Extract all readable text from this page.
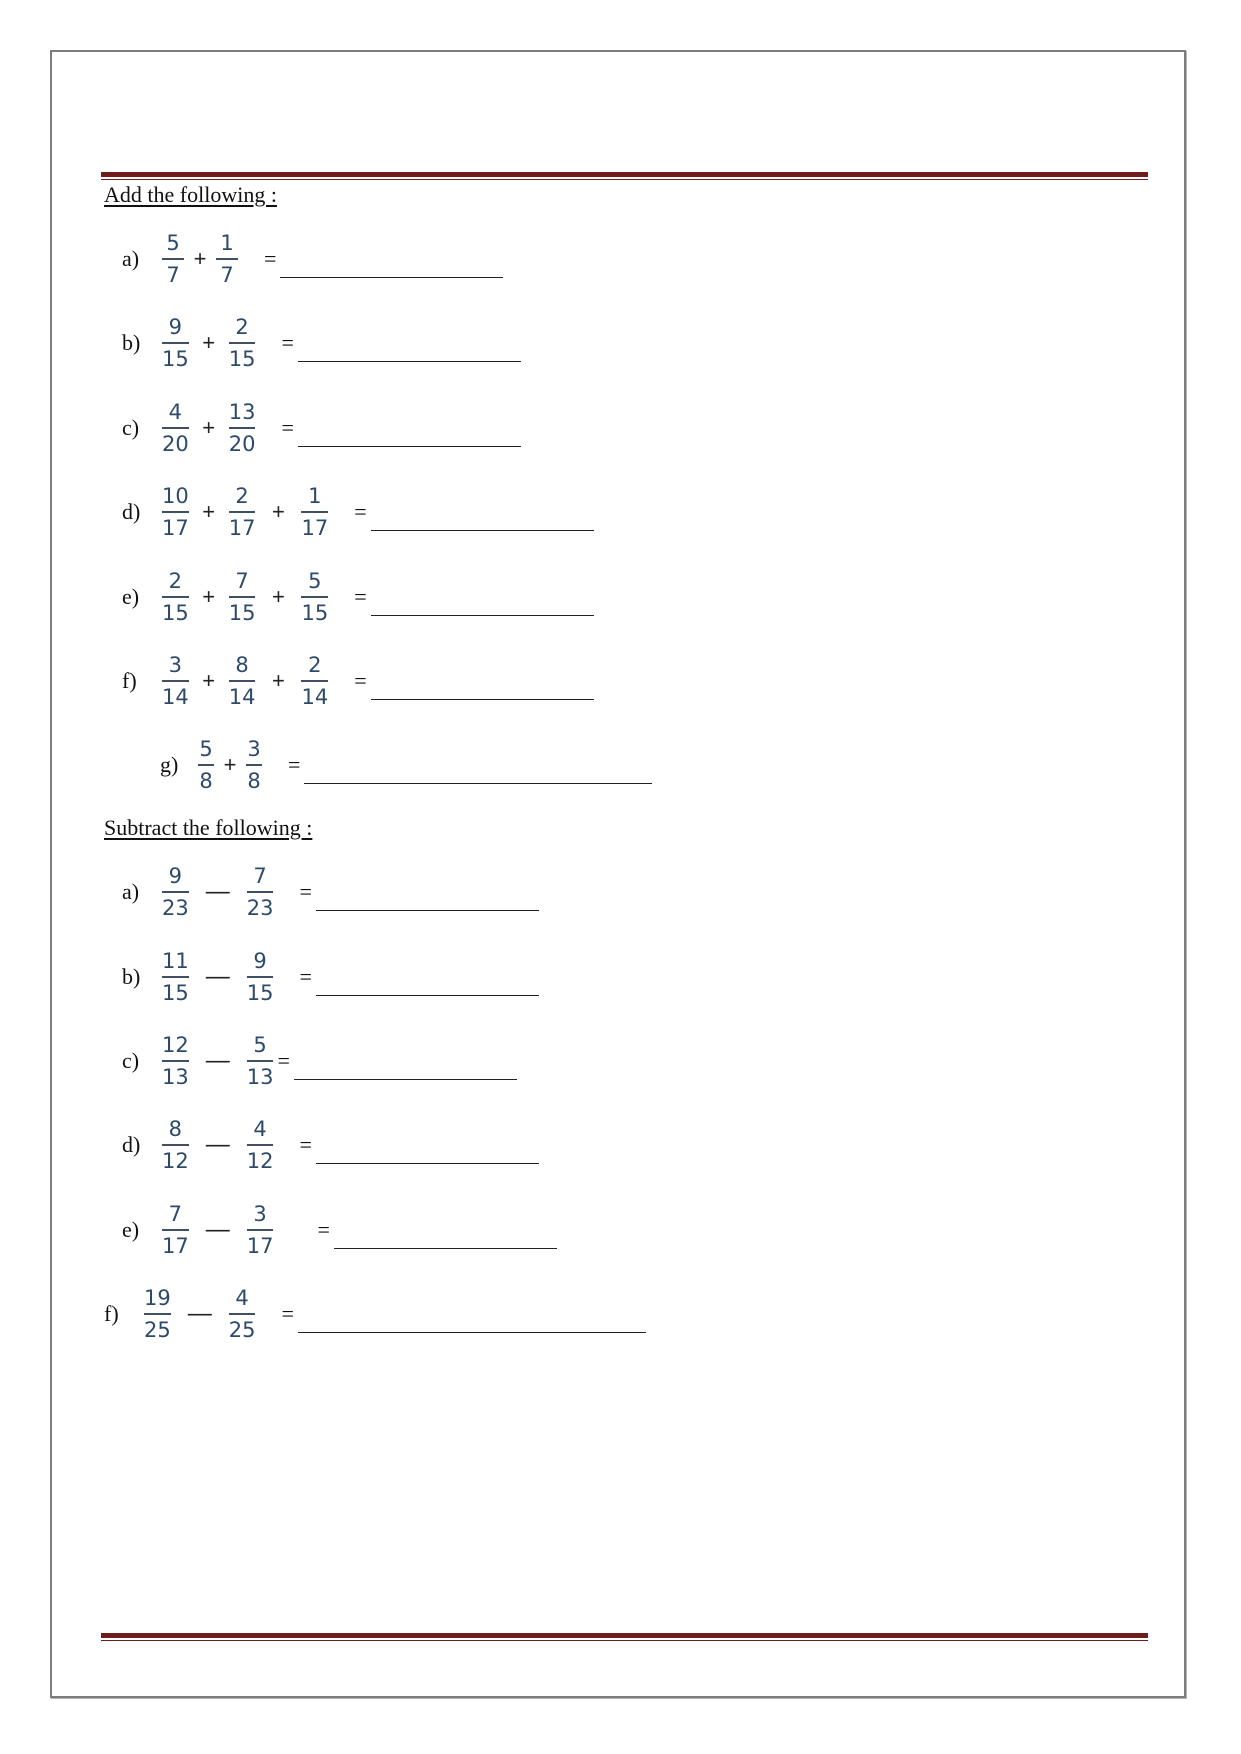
Add the following :
$a) \frac{5}{7} + \frac{1}{7}$ =
$b) \frac{9}{15} + \frac{2}{15}$ =
$c) \frac{4}{20} + \frac{13}{20}$ =
$d) \frac{10}{17} + \frac{2}{17} + \frac{1}{17}$ =
$e) \frac{2}{15} + \frac{7}{15} + \frac{5}{15}$ =
f)	$\frac{3}{14} + \frac{8}{14} + \frac{2}{14}$ =
$g) \frac{5}{8} + \frac{3}{8}$ =
Subtract the following :
$a) \frac{9}{23}$ — $\frac{7}{23}$ =
$b) \frac{11}{15}$ — $\frac{9}{15}$ =
$c) \frac{12}{13}$ — $\frac{5}{13}$ =
$d) \frac{8}{12}$ — $\frac{4}{12}$ =
$e) \frac{7}{17}$ — $\frac{3}{17}$ =
f)	$\frac{19}{25}$ — $\frac{4}{25}$ =
